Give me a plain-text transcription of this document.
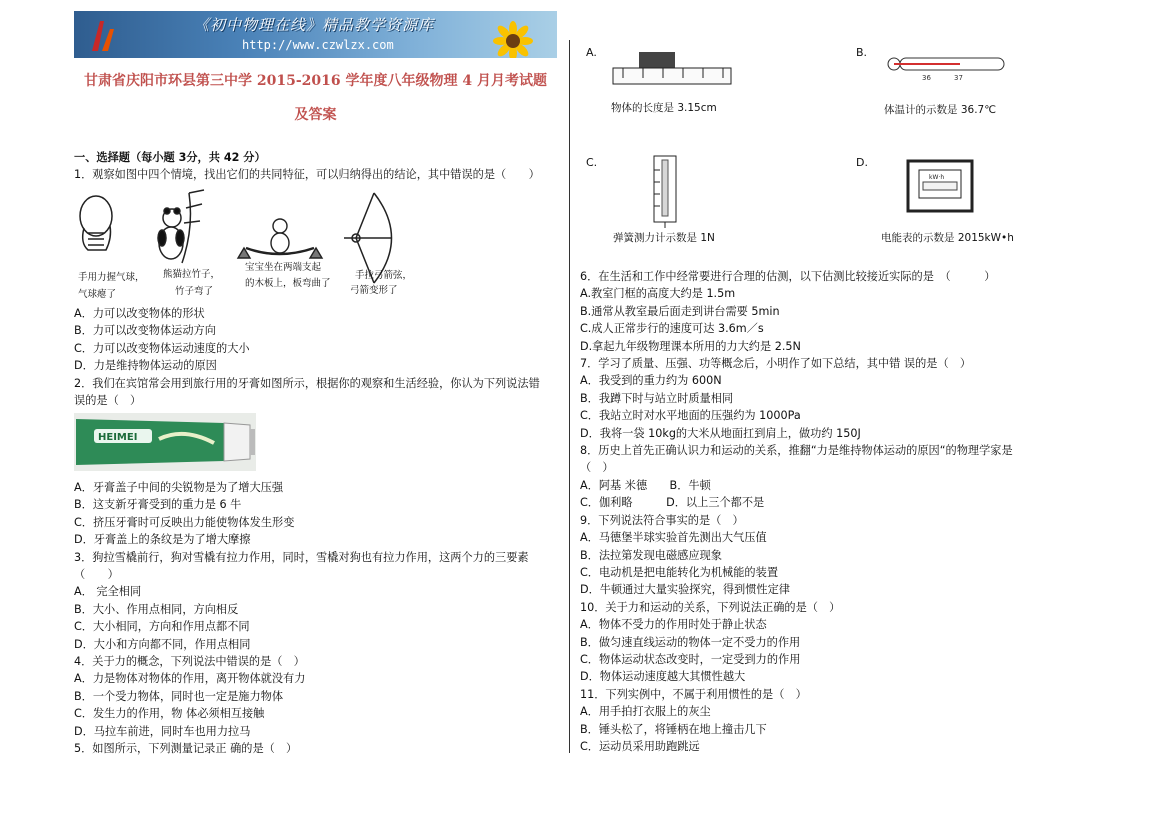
《初中物理在线》精品教学资源库
http://www.czwlzx.com
甘肃省庆阳市环县第三中学 2015-2016 学年度八年级物理 4 月月考试题
及答案
一、选择题（每小题 3分，共 42 分）
1．观察如图中四个情境，找出它们的共同特征，可以归纳得出的结论，其中错误的是（　　）
手用力握气球，
气球瘪了
熊猫拉竹子，
竹子弯了
宝宝坐在两端支起
的木板上，板弯曲了
手拉弓箭弦，
弓箭变形了
A．力可以改变物体的形状
B．力可以改变物体运动方向
C．力可以改变物体运动速度的大小
D．力是维持物体运动的原因
2．我们在宾馆常会用到旅行用的牙膏如图所示，根据你的观察和生活经验，你认为下列说法错
误的是（　）
HEIMEI
A．牙膏盖子中间的尖锐物是为了增大压强
B．这支新牙膏受到的重力是 6 牛
C．挤压牙膏时可反映出力能使物体发生形变
D．牙膏盖上的条纹是为了增大摩擦
3．狗拉雪橇前行，狗对雪橇有拉力作用，同时，雪橇对狗也有拉力作用，这两个力的三要素
（　　）
A． 完全相同
B．大小、作用点相同，方向相反
C．大小相同，方向和作用点都不同
D．大小和方向都不同，作用点相同
4．关于力的概念，下列说法中错误的是（　）
A．力是物体对物体的作用，离开物体就没有力
B．一个受力物体，同时也一定是施力物体
C．发生力的作用，物 体必须相互接触
D．马拉车前进，同时车也用力拉马
5．如图所示，下列测量记录正 确的是（　）
A.
物体的长度是 3.15cm
B.
36	37
体温计的示数是 36.7℃
C.
弹簧测力计示数是 1N
D.
kW·h
电能表的示数是 2015kW•h
6．在生活和工作中经常要进行合理的估测，以下估测比较接近实际的是　（　　　）
A.教室门框的高度大约是 1.5m
B.通常从教室最后面走到讲台需要 5min
C.成人正常步行的速度可达 3.6m／s
D.拿起九年级物理课本所用的力大约是 2.5N
7．学习了质量、压强、功等概念后，小明作了如下总结，其中错 误的是（　）
A．我受到的重力约为 600N
B．我蹲下时与站立时质量相同
C．我站立时对水平地面的压强约为 1000Pa
D．我将一袋 10kg的大米从地面扛到肩上，做功约 150J
8．历史上首先正确认识力和运动的关系，推翻“力是维持物体运动的原因“的物理学家是
（　）
A．阿基 米德　　B．牛顿
C．伽利略　　　D．以上三个都不是
9．下列说法符合事实的是（　）
A．马德堡半球实验首先测出大气压值
B．法拉第发现电磁感应现象
C．电动机是把电能转化为机械能的装置
D．牛顿通过大量实验探究，得到惯性定律
10．关于力和运动的关系，下列说法正确的是（　）
A．物体不受力的作用时处于静止状态
B．做匀速直线运动的物体一定不受力的作用
C．物体运动状态改变时，一定受到力的作用
D．物体运动速度越大其惯性越大
11．下列实例中，不属于利用惯性的是（　）
A．用手拍打衣服上的灰尘
B．锤头松了，将锤柄在地上撞击几下
C．运动员采用助跑跳远
